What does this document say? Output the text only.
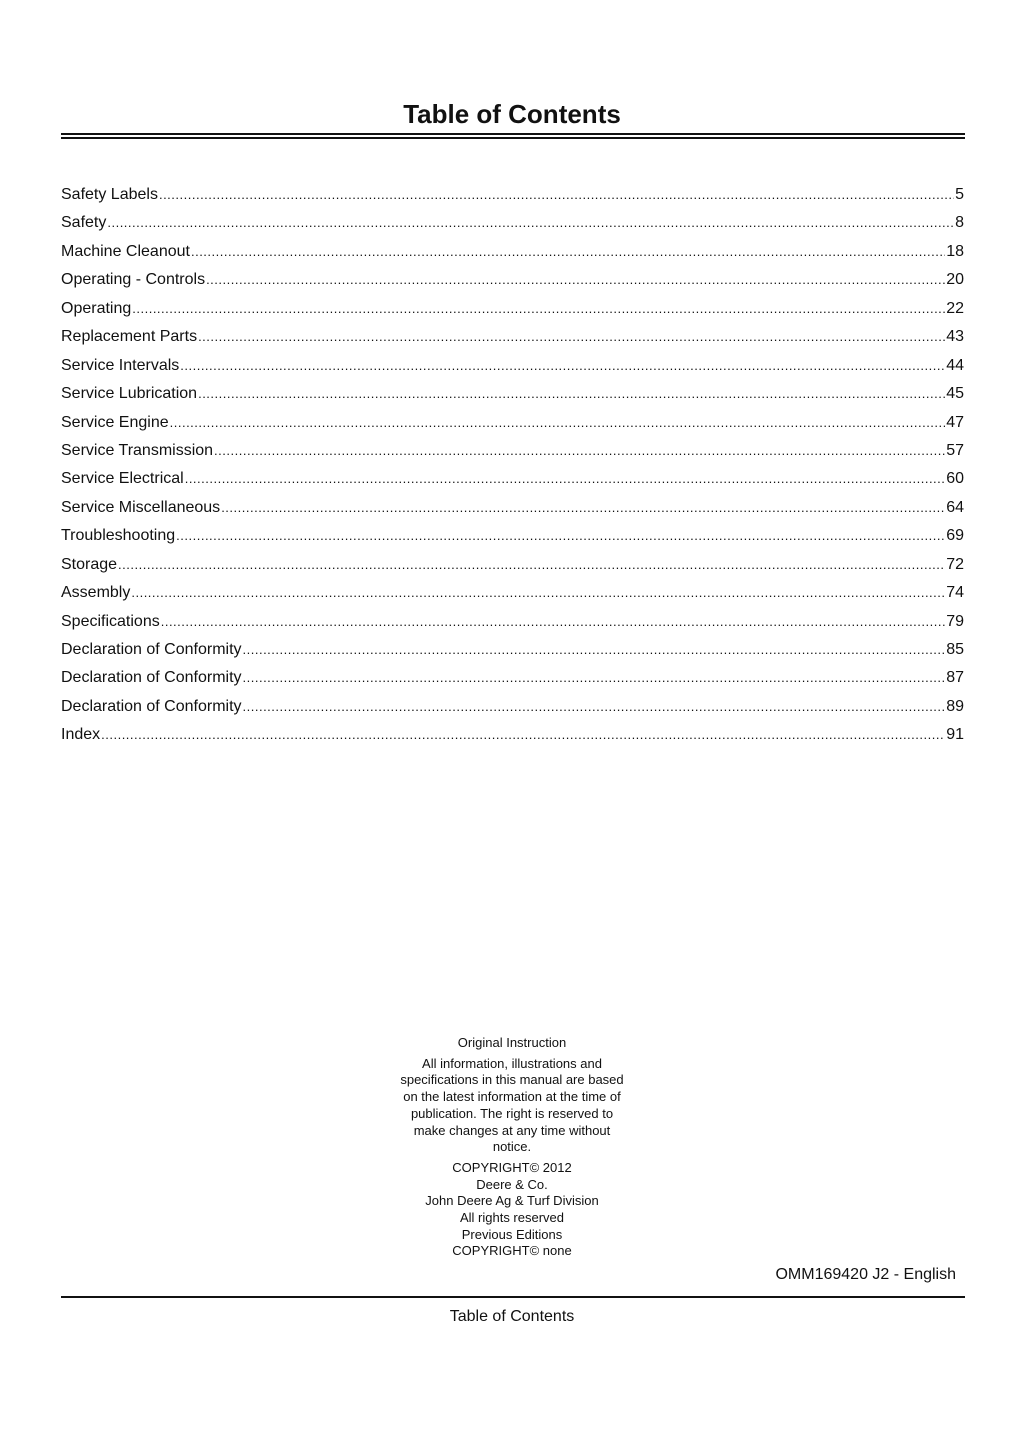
Table of Contents
Safety Labels .....	5
Safety .....	8
Machine Cleanout .....	18
Operating - Controls .....	20
Operating .....	22
Replacement Parts .....	43
Service Intervals .....	44
Service Lubrication .....	45
Service Engine .....	47
Service Transmission .....	57
Service Electrical .....	60
Service Miscellaneous .....	64
Troubleshooting .....	69
Storage .....	72
Assembly .....	74
Specifications .....	79
Declaration of Conformity .....	85
Declaration of Conformity .....	87
Declaration of Conformity .....	89
Index .....	91

Original Instruction

All information, illustrations and

specifications in this manual are based

on the latest information at the time of

publication. The right is reserved to

make changes at any time without

notice.

COPYRIGHT© 2012

Deere & Co.

John Deere Ag & Turf Division

All rights reserved

Previous Editions

COPYRIGHT© none

OMM169420 J2 - English
Table of Contents
